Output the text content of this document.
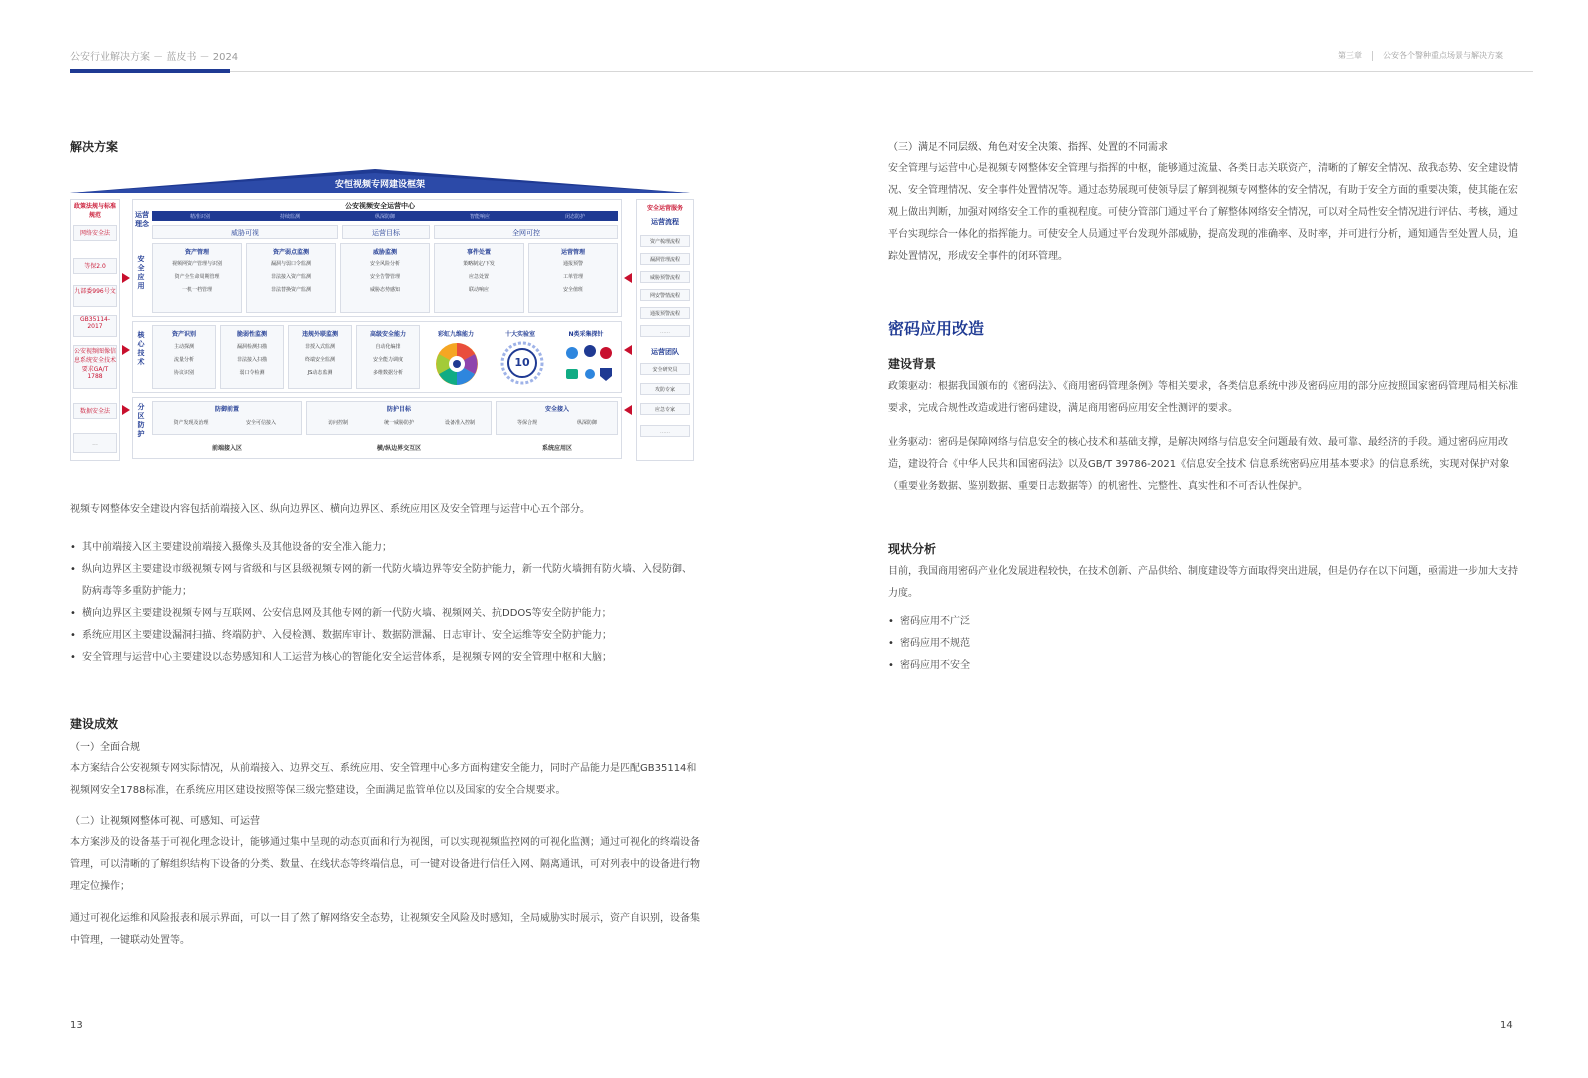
公安行业解决方案 － 蓝皮书 － 2024	第三章	公安各个警种重点场景与解决方案
解决方案
安恒视频专网建设框架
政策法规与标准规范
网络安全法
等保2.0
九部委996号文
GB35114-2017
公安视频图像信息系统安全技术要求GA/T 1788
数据安全法
...
运营理念
公安视频安全运营中心
精准识别	持续监测	纵深防御	智能响应	闭态防护
威胁可视	运营目标	全网可控
安全应用
资产管理
视频网资产管理与识别
资产全生命周期管理
一机一档管理
资产弱点监测
漏洞与弱口令监测
非法接入资产监测
非法替换资产监测
威胁监测
安全风险分析
安全告警管理
威胁态势感知
事件处置
策略制定/下发
应急处置
联动响应
运营管理
通报预警
工单管理
安全值班
核心技术
资产识别
主动探测
流量分析
协议识别
脆弱性监测
漏洞检测扫描
非法接入扫描
弱口令检测
违规外联监测
非授入式监测
终端安全监测
JS动态监测
高级安全能力
自动化编排
安全能力调度
多维数据分析
彩虹九维能力	十大实验室
10
N类采集探针
分区防护
防御前置
资产发现及治理	安全可信接入
前端接入区
防护目标
访问控制	统一威胁防护	设备准入控制
横/纵边界交互区
安全接入
等保合规	纵深防御
系统应用区
安全运营服务
运营流程
资产梳理流程
漏洞管理流程
威胁预警流程
网安警情流程
通报预警流程
……
运营团队
安全研究员
攻防专家
应急专家
……

视频专网整体安全建设内容包括前端接入区、纵向边界区、横向边界区、系统应用区及安全管理与运营中心五个部分。

• 其中前端接入区主要建设前端接入摄像头及其他设备的安全准入能力；
• 纵向边界区主要建设市级视频专网与省级和与区县级视频专网的新一代防火墙边界等安全防护能力，新一代防火墙拥有防火墙、入侵防御、防病毒等多重防护能力；
• 横向边界区主要建设视频专网与互联网、公安信息网及其他专网的新一代防火墙、视频网关、抗DDOS等安全防护能力；
• 系统应用区主要建设漏洞扫描、终端防护、入侵检测、数据库审计、数据防泄漏、日志审计、安全运维等安全防护能力；
• 安全管理与运营中心主要建设以态势感知和人工运营为核心的智能化安全运营体系，是视频专网的安全管理中枢和大脑；
建设成效

（一）全面合规

本方案结合公安视频专网实际情况，从前端接入、边界交互、系统应用、安全管理中心多方面构建安全能力，同时产品能力是匹配GB35114和视频网安全1788标准，在系统应用区建设按照等保三级完整建设，全面满足监管单位以及国家的安全合规要求。

（二）让视频网整体可视、可感知、可运营

本方案涉及的设备基于可视化理念设计，能够通过集中呈现的动态页面和行为视图，可以实现视频监控网的可视化监测；通过可视化的终端设备管理，可以清晰的了解组织结构下设备的分类、数量、在线状态等终端信息，可一键对设备进行信任入网、隔离通讯，可对列表中的设备进行物理定位操作；

通过可视化运维和风险报表和展示界面，可以一目了然了解网络安全态势，让视频安全风险及时感知，全局威胁实时展示，资产自识别，设备集中管理，一键联动处置等。

（三）满足不同层级、角色对安全决策、指挥、处置的不同需求

安全管理与运营中心是视频专网整体安全管理与指挥的中枢，能够通过流量、各类日志关联资产，清晰的了解安全情况、敌我态势、安全建设情况、安全管理情况、安全事件处置情况等。通过态势展现可使领导层了解到视频专网整体的安全情况，有助于安全方面的重要决策，使其能在宏观上做出判断，加强对网络安全工作的重视程度。可使分管部门通过平台了解整体网络安全情况，可以对全局性安全情况进行评估、考核，通过平台实现综合一体化的指挥能力。可使安全人员通过平台发现外部威胁，提高发现的准确率、及时率，并可进行分析，通知通告至处置人员，追踪处置情况，形成安全事件的闭环管理。

密码应用改造
建设背景

政策驱动：根据我国颁布的《密码法》、《商用密码管理条例》等相关要求，各类信息系统中涉及密码应用的部分应按照国家密码管理局相关标准要求，完成合规性改造或进行密码建设，满足商用密码应用安全性测评的要求。

业务驱动：密码是保障网络与信息安全的核心技术和基础支撑，是解决网络与信息安全问题最有效、最可靠、最经济的手段。通过密码应用改造，建设符合《中华人民共和国密码法》以及GB/T 39786-2021《信息安全技术 信息系统密码应用基本要求》的信息系统，实现对保护对象（重要业务数据、鉴别数据、重要日志数据等）的机密性、完整性、真实性和不可否认性保护。

现状分析

目前，我国商用密码产业化发展进程较快，在技术创新、产品供给、制度建设等方面取得突出进展，但是仍存在以下问题，亟需进一步加大支持力度。

• 密码应用不广泛
• 密码应用不规范
• 密码应用不安全
13	14
